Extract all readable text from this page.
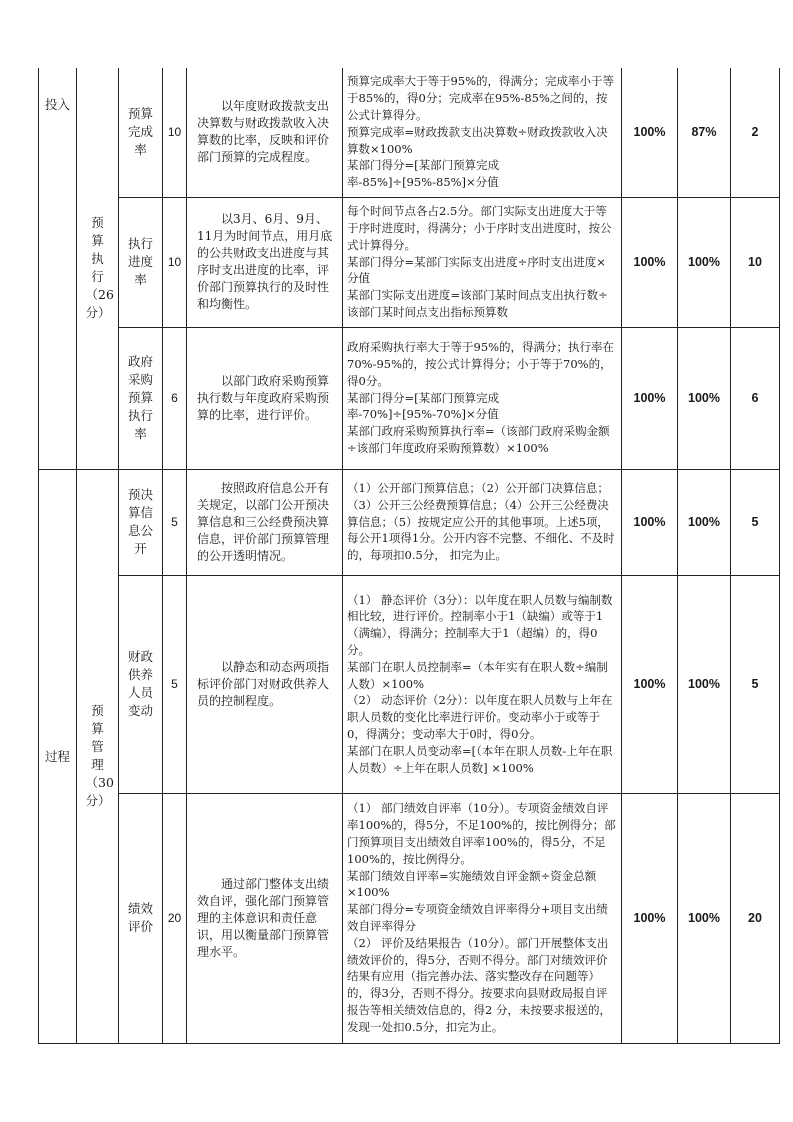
投入	预算执行（26分）	预算完成率	10	以年度财政拨款支出决算数与财政拨款收入决算数的比率，反映和评价部门预算的完成程度。	预算完成率大于等于95%的，得满分；完成率小于等于85%的，得0分；完成率在95%-85%之间的，按公式计算得分。

预算完成率=财政拨款支出决算数÷财政拨款收入决算数×100%

某部门得分=[某部门预算完成率-85%]÷[95%-85%]×分值	100%	87%	2

		执行进度率	10	以3月、6月、9月、11月为时间节点，用月底的公共财政支出进度与其序时支出进度的比率，评价部门预算执行的及时性和均衡性。	每个时间节点各占2.5分。部门实际支出进度大于等于序时进度时，得满分；小于序时支出进度时，按公式计算得分。

某部门得分=某部门实际支出进度÷序时支出进度×分值

某部门实际支出进度=该部门某时间点支出执行数÷该部门某时间点支出指标预算数	100%	100%	10

		政府采购预算执行率	6	以部门政府采购预算执行数与年度政府采购预算的比率，进行评价。	政府采购执行率大于等于95%的，得满分；执行率在70%-95%的，按公式计算得分；小于等于70%的，得0分。

某部门得分=[某部门预算完成率-70%]÷[95%-70%]×分值

某部门政府采购预算执行率=（该部门政府采购金额÷该部门年度政府采购预算数）×100%	100%	100%	6
过程	预算管理（30分）	预决算信息公开	5	按照政府信息公开有关规定，以部门公开预决算信息和三公经费预决算信息，评价部门预算管理的公开透明情况。	（1）公开部门预算信息；（2）公开部门决算信息；（3）公开三公经费预算信息；（4）公开三公经费决算信息；（5）按规定应公开的其他事项。上述5项，每公开1项得1分。公开内容不完整、不细化、不及时的，每项扣0.5分， 扣完为止。	100%	100%	5

		财政供养人员变动	5	以静态和动态两项指标评价部门对财政供养人员的控制程度。	（1） 静态评价（3分）：以年度在职人员数与编制数相比较，进行评价。控制率小于1（缺编）或等于1（满编），得满分；控制率大于1（超编）的，得0分。

某部门在职人员控制率=（本年实有在职人数÷编制人数）×100%

（2） 动态评价（2分）：以年度在职人员数与上年在职人员数的变化比率进行评价。变动率小于或等于0，得满分；变动率大于0时，得0分。

某部门在职人员变动率=[（本年在职人员数-上年在职人员数）÷上年在职人员数] ×100%	100%	100%	5

		绩效评价	20	通过部门整体支出绩效自评，强化部门预算管理的主体意识和责任意识，用以衡量部门预算管理水平。	（1） 部门绩效自评率（10分）。专项资金绩效自评率100%的，得5分，不足100%的，按比例得分；部门预算项目支出绩效自评率100%的，得5分，不足100%的，按比例得分。

某部门绩效自评率=实施绩效自评金额÷资金总额×100%

某部门得分=专项资金绩效自评率得分+项目支出绩效自评率得分

（2） 评价及结果报告（10分）。部门开展整体支出绩效评价的，得5分，否则不得分。部门对绩效评价结果有应用（指完善办法、落实整改存在问题等）的，得3分，否则不得分。按要求向县财政局报自评报告等相关绩效信息的，得2 分，未按要求报送的，发现一处扣0.5分，扣完为止。	100%	100%	20
